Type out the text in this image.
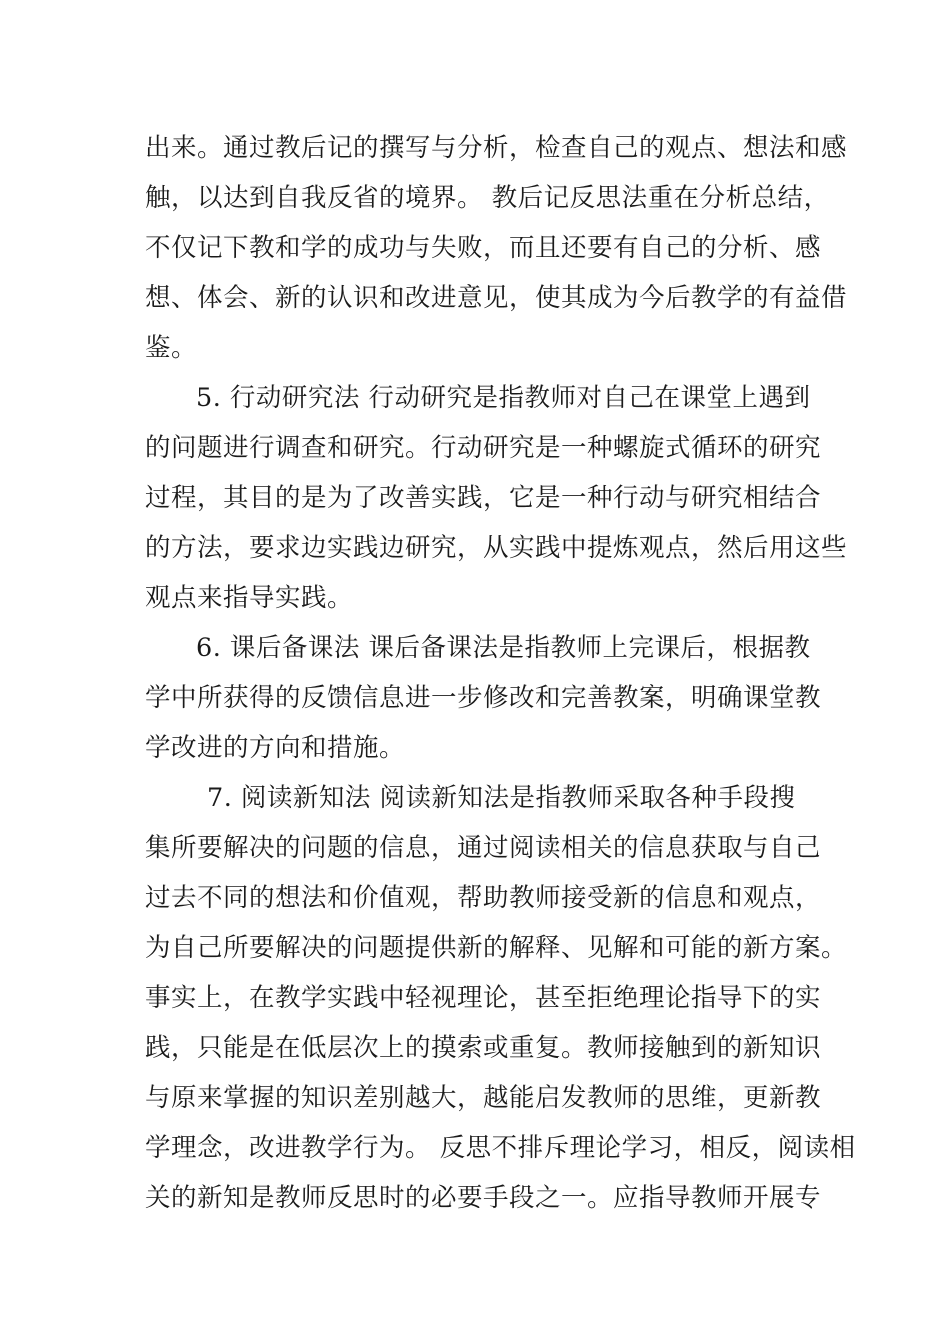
出来。通过教后记的撰写与分析，检查自己的观点、想法和感
触，以达到自我反省的境界。 教后记反思法重在分析总结，
不仅记下教和学的成功与失败，而且还要有自己的分析、感
想、体会、新的认识和改进意见，使其成为今后教学的有益借
鉴。
5. 行动研究法 行动研究是指教师对自己在课堂上遇到
的问题进行调查和研究。行动研究是一种螺旋式循环的研究
过程，其目的是为了改善实践，它是一种行动与研究相结合
的方法，要求边实践边研究，从实践中提炼观点，然后用这些
观点来指导实践。
6. 课后备课法 课后备课法是指教师上完课后，根据教
学中所获得的反馈信息进一步修改和完善教案，明确课堂教
学改进的方向和措施。
7. 阅读新知法 阅读新知法是指教师采取各种手段搜
集所要解决的问题的信息，通过阅读相关的信息获取与自己
过去不同的想法和价值观，帮助教师接受新的信息和观点，
为自己所要解决的问题提供新的解释、见解和可能的新方案。
事实上，在教学实践中轻视理论，甚至拒绝理论指导下的实
践，只能是在低层次上的摸索或重复。教师接触到的新知识
与原来掌握的知识差别越大，越能启发教师的思维，更新教
学理念，改进教学行为。 反思不排斥理论学习，相反，阅读相
关的新知是教师反思时的必要手段之一。应指导教师开展专
